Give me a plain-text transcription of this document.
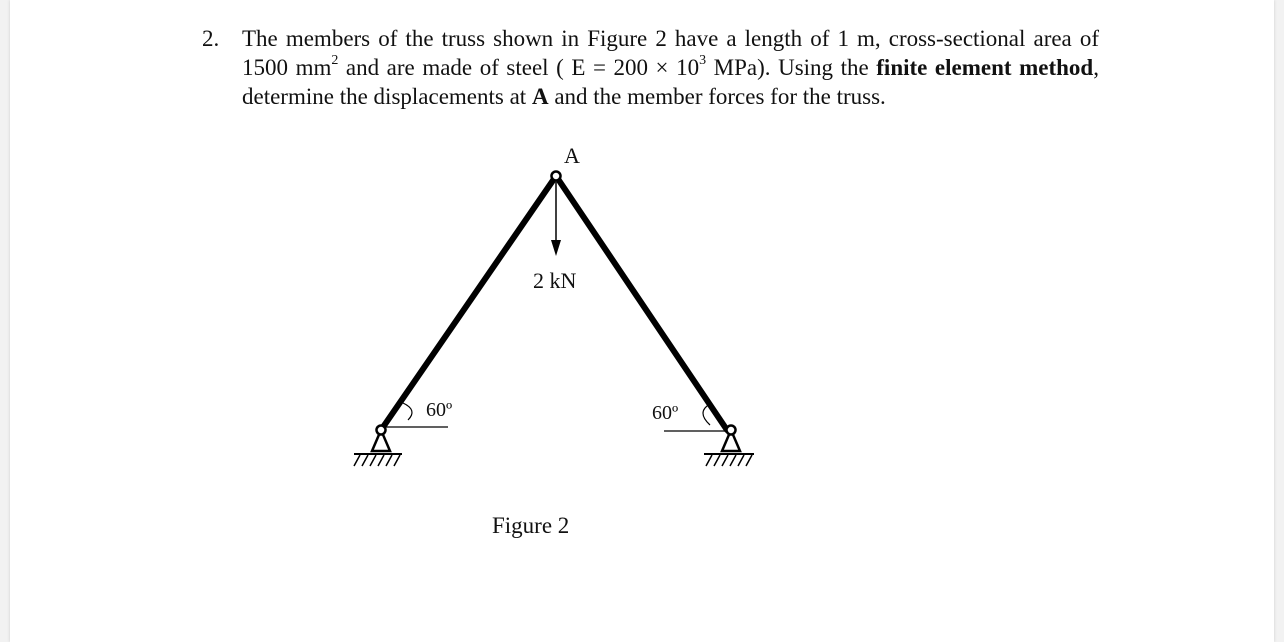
2. The members of the truss shown in Figure 2 have a length of 1 m, cross-sectional area of 1500 $mm^2$ and are made of steel ( $E = 200 \times 10^3$ MPa). Using the finite element method, determine the displacements at A and the member forces for the truss.
A
2 kN
60º	60º
Figure 2
